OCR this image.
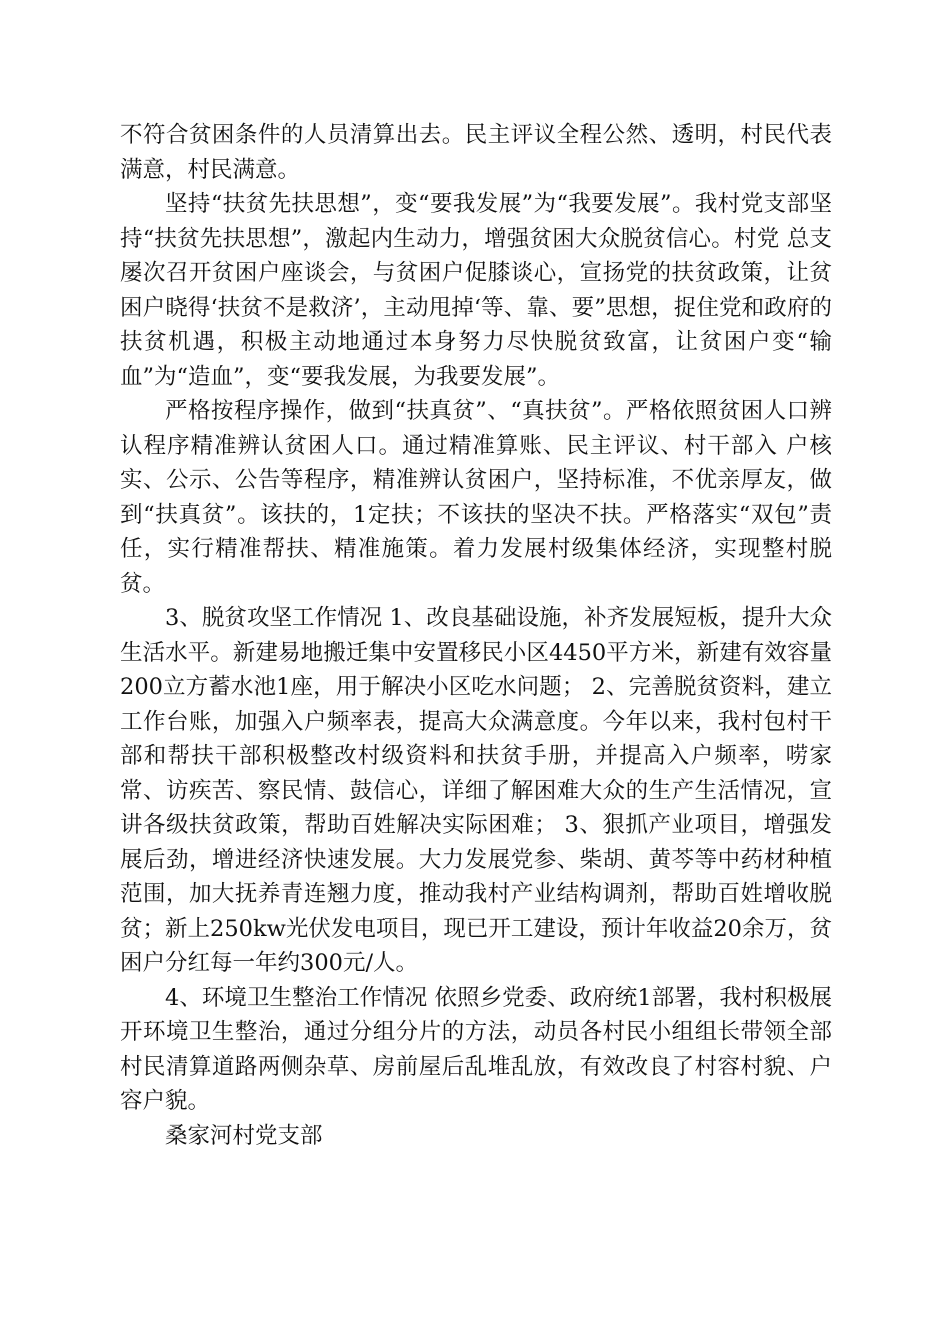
不符合贫困条件的人员清算出去。民主评议全程公然、透明，村民代表满意，村民满意。

坚持“扶贫先扶思想”，变“要我发展”为“我要发展”。我村党支部坚持“扶贫先扶思想”，激起内生动力，增强贫困大众脱贫信心。村党 总支屡次召开贫困户座谈会，与贫困户促膝谈心，宣扬党的扶贫政策，让贫困户晓得‘扶贫不是救济’，主动甩掉‘等、靠、要”思想，捉住党和政府的扶贫机遇，积极主动地通过本身努力尽快脱贫致富，让贫困户变“输血”为“造血”，变“要我发展，为我要发展”。

严格按程序操作，做到“扶真贫”、“真扶贫”。严格依照贫困人口辨认程序精准辨认贫困人口。通过精准算账、民主评议、村干部入 户核实、公示、公告等程序，精准辨认贫困户，坚持标准，不优亲厚友，做到“扶真贫”。该扶的，1定扶；不该扶的坚决不扶。严格落实“双包”责任，实行精准帮扶、精准施策。着力发展村级集体经济，实现整村脱贫。

3、脱贫攻坚工作情况 1、改良基础设施，补齐发展短板，提升大众生活水平。新建易地搬迁集中安置移民小区4450平方米，新建有效容量200立方蓄水池1座，用于解决小区吃水问题； 2、完善脱贫资料，建立工作台账，加强入户频率表，提高大众满意度。今年以来，我村包村干部和帮扶干部积极整改村级资料和扶贫手册，并提高入户频率，唠家常、访疾苦、察民情、鼓信心，详细了解困难大众的生产生活情况，宣讲各级扶贫政策，帮助百姓解决实际困难； 3、狠抓产业项目，增强发展后劲，增进经济快速发展。大力发展党参、柴胡、黄芩等中药材种植范围，加大抚养青连翘力度，推动我村产业结构调剂，帮助百姓增收脱贫；新上250kw光伏发电项目，现已开工建设，预计年收益20余万，贫困户分红每一年约300元/人。

4、环境卫生整治工作情况 依照乡党委、政府统1部署，我村积极展开环境卫生整治，通过分组分片的方法，动员各村民小组组长带领全部村民清算道路两侧杂草、房前屋后乱堆乱放，有效改良了村容村貌、户容户貌。

桑家河村党支部
